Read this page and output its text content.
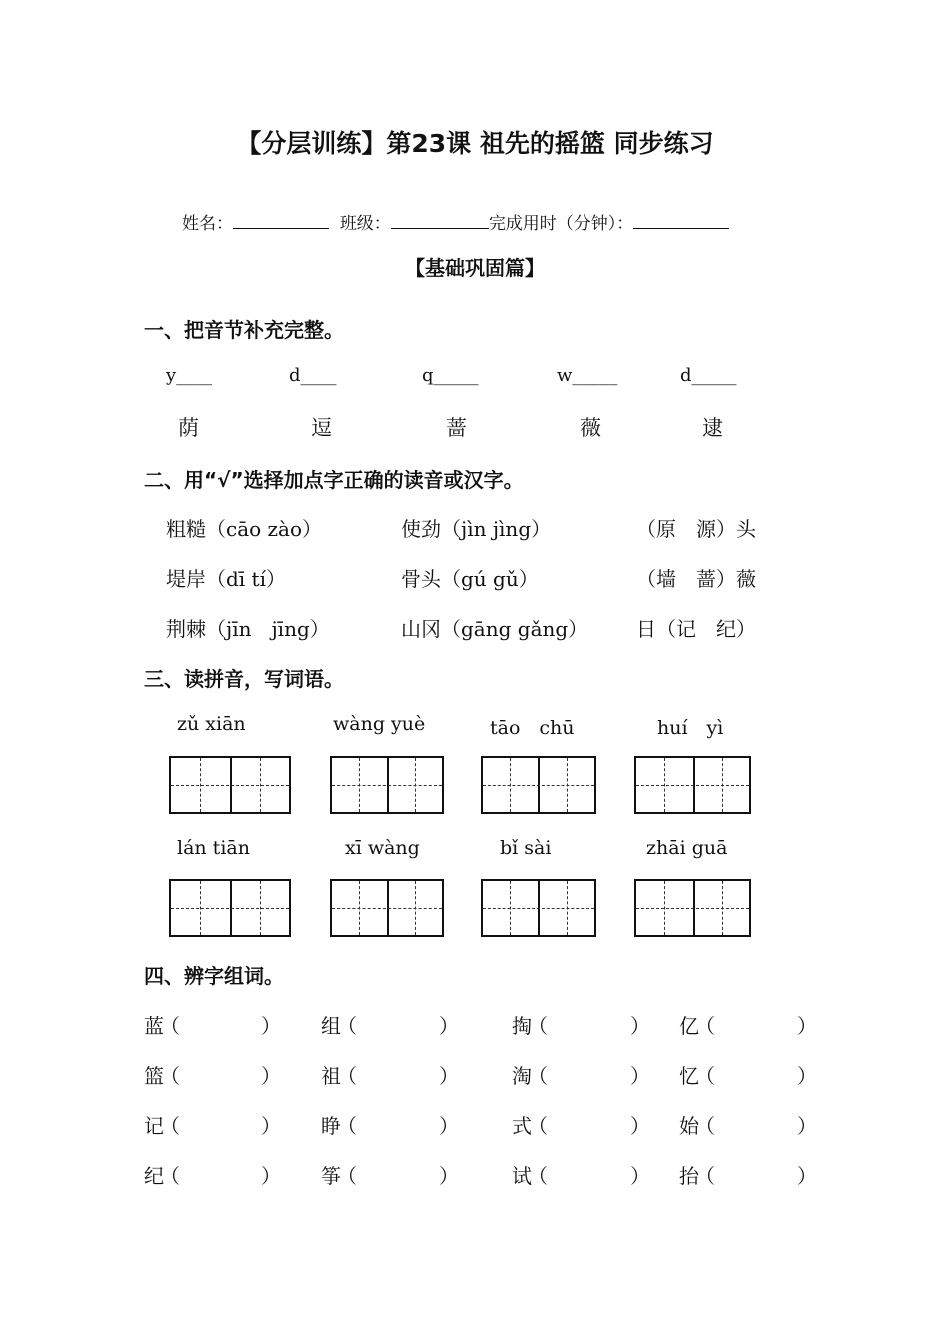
【分层训练】第23课 祖先的摇篮 同步练习
姓名：	班级：	完成用时（分钟）：
【基础巩固篇】
一、把音节补充完整。
y____	d____	q_____	w_____	d_____
荫	逗	蔷	薇	逮
二、用“√”选择加点字正确的读音或汉字。
粗糙（cāo zào）	使劲（jìn jìng）	（原　源）头
堤岸（dī tí）	骨头（gú gǔ）	（墙　蔷）薇
荆棘（jīn　jīng）	山冈（gāng gǎng） 日（记　纪）
三、读拼音，写词语。
zǔ xiān	wàng yuè	tāo　chū	huí　yì
lán tiān	xī wàng	bǐ sài	zhāi guā
四、辨字组词。
蓝（	） 组（	）	掏（	） 亿（	）
篮（	） 祖（	）	淘（	） 忆（	）
记（	） 睁（	）	式（	） 始（	）
纪（	） 筝（	）	试（	） 抬（	）
